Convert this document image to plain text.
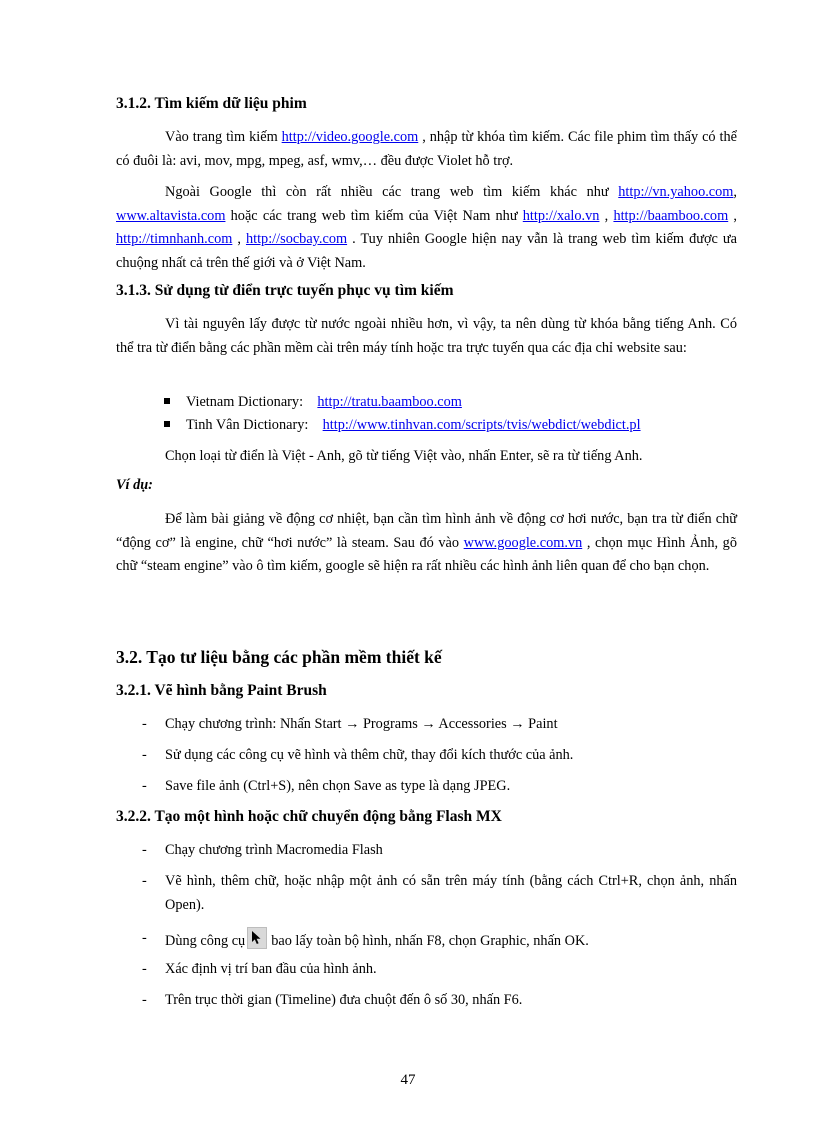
3.1.2. Tìm kiếm dữ liệu phim
Vào trang tìm kiếm http://video.google.com , nhập từ khóa tìm kiếm. Các file phim tìm thấy có thể có đuôi là: avi, mov, mpg, mpeg, asf, wmv,… đều được Violet hỗ trợ.
Ngoài Google thì còn rất nhiều các trang web tìm kiếm khác như http://vn.yahoo.com, www.altavista.com hoặc các trang web tìm kiếm của Việt Nam như http://xalo.vn , http://baamboo.com , http://timnhanh.com , http://socbay.com . Tuy nhiên Google hiện nay vẫn là trang web tìm kiếm được ưa chuộng nhất cả trên thế giới và ở Việt Nam.
3.1.3. Sử dụng từ điển trực tuyến phục vụ tìm kiếm
Vì tài nguyên lấy được từ nước ngoài nhiều hơn, vì vậy, ta nên dùng từ khóa bằng tiếng Anh. Có thể tra từ điển bằng các phần mềm cài trên máy tính hoặc tra trực tuyến qua các địa chỉ website sau:
Vietnam Dictionary: http://tratu.baamboo.com
Tinh Vân Dictionary: http://www.tinhvan.com/scripts/tvis/webdict/webdict.pl
Chọn loại từ điển là Việt - Anh, gõ từ tiếng Việt vào, nhấn Enter, sẽ ra từ tiếng Anh.
Ví dụ:
Để làm bài giảng về động cơ nhiệt, bạn cần tìm hình ảnh về động cơ hơi nước, bạn tra từ điển chữ “động cơ” là engine, chữ “hơi nước” là steam. Sau đó vào www.google.com.vn , chọn mục Hình Ảnh, gõ chữ “steam engine” vào ô tìm kiếm, google sẽ hiện ra rất nhiều các hình ảnh liên quan để cho bạn chọn.
3.2. Tạo tư liệu bằng các phần mềm thiết kế
3.2.1. Vẽ hình bằng Paint Brush
- Chạy chương trình: Nhấn Start → Programs → Accessories → Paint
- Sử dụng các công cụ vẽ hình và thêm chữ, thay đổi kích thước của ảnh.
- Save file ảnh (Ctrl+S), nên chọn Save as type là dạng JPEG.
3.2.2. Tạo một hình hoặc chữ chuyển động bằng Flash MX
- Chạy chương trình Macromedia Flash
- Vẽ hình, thêm chữ, hoặc nhập một ảnh có sẵn trên máy tính (bằng cách Ctrl+R, chọn ảnh, nhấn Open).
- Dùng công cụ bao lấy toàn bộ hình, nhấn F8, chọn Graphic, nhấn OK.
- Xác định vị trí ban đầu của hình ảnh.
- Trên trục thời gian (Timeline) đưa chuột đến ô số 30, nhấn F6.
47
